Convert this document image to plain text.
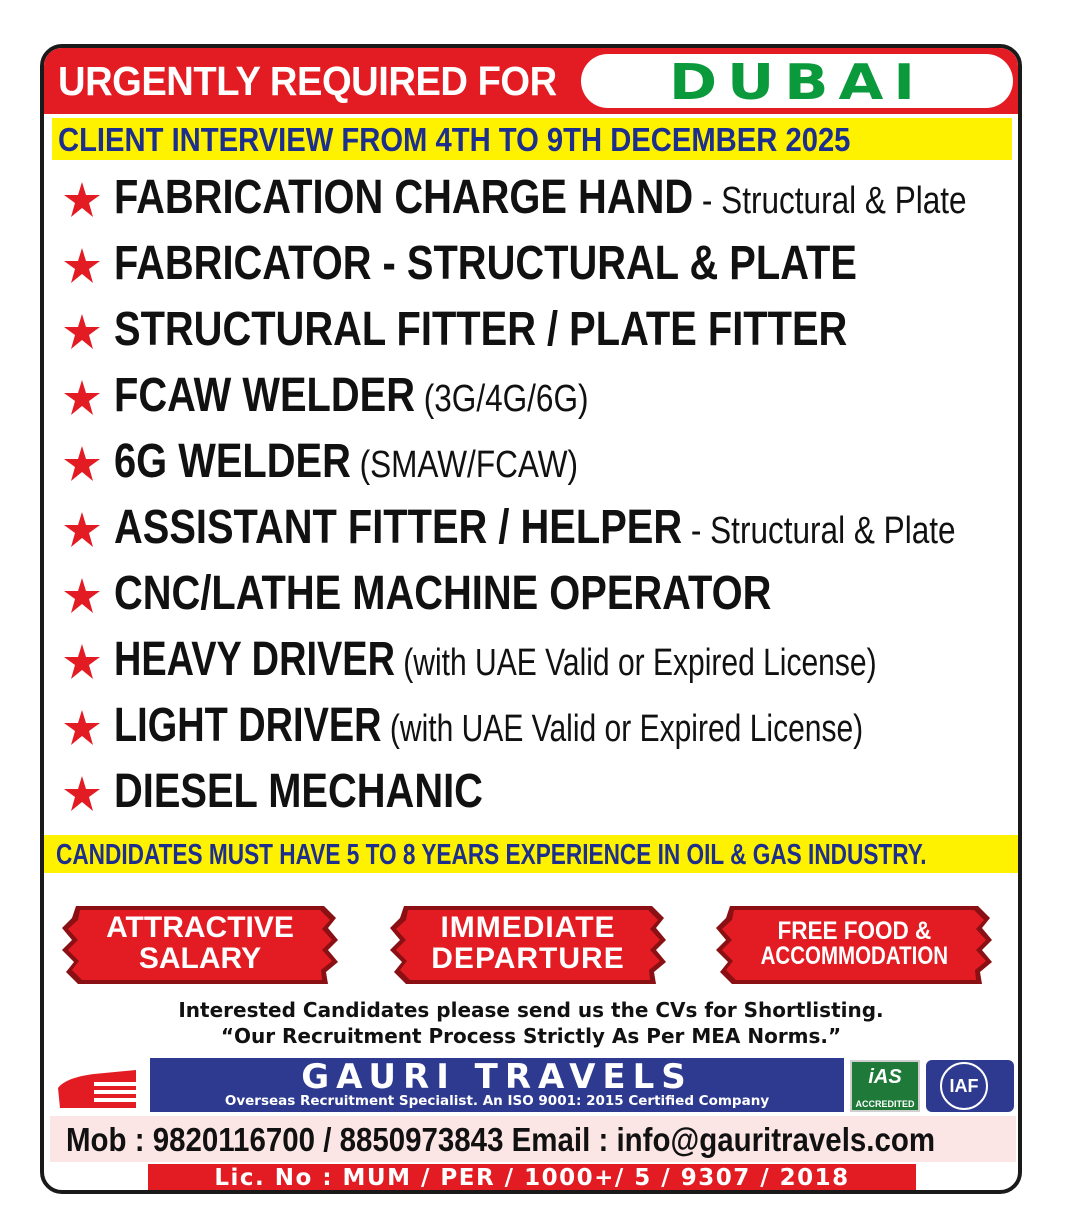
URGENTLY REQUIRED FOR	DUBAI
CLIENT INTERVIEW FROM 4TH TO 9TH DECEMBER 2025
FABRICATION CHARGE HAND - Structural & Plate
FABRICATOR - STRUCTURAL & PLATE
STRUCTURAL FITTER / PLATE FITTER
FCAW WELDER (3G/4G/6G)
6G WELDER (SMAW/FCAW)
ASSISTANT FITTER / HELPER - Structural & Plate
CNC/LATHE MACHINE OPERATOR
HEAVY DRIVER (with UAE Valid or Expired License)
LIGHT DRIVER (with UAE Valid or Expired License)
DIESEL MECHANIC
CANDIDATES MUST HAVE 5 TO 8 YEARS EXPERIENCE IN OIL & GAS INDUSTRY.
ATTRACTIVE
SALARY
IMMEDIATE
DEPARTURE
FREE FOOD &
ACCOMMODATION
Interested Candidates please send us the CVs for Shortlisting.
“Our Recruitment Process Strictly As Per MEA Norms.”
GAURI TRAVELS
Overseas Recruitment Specialist. An ISO 9001: 2015 Certified Company
iAS
ACCREDITED
IAF
Mob : 9820116700 / 8850973843 Email : info@gauritravels.com
Lic. No : MUM / PER / 1000+/ 5 / 9307 / 2018
